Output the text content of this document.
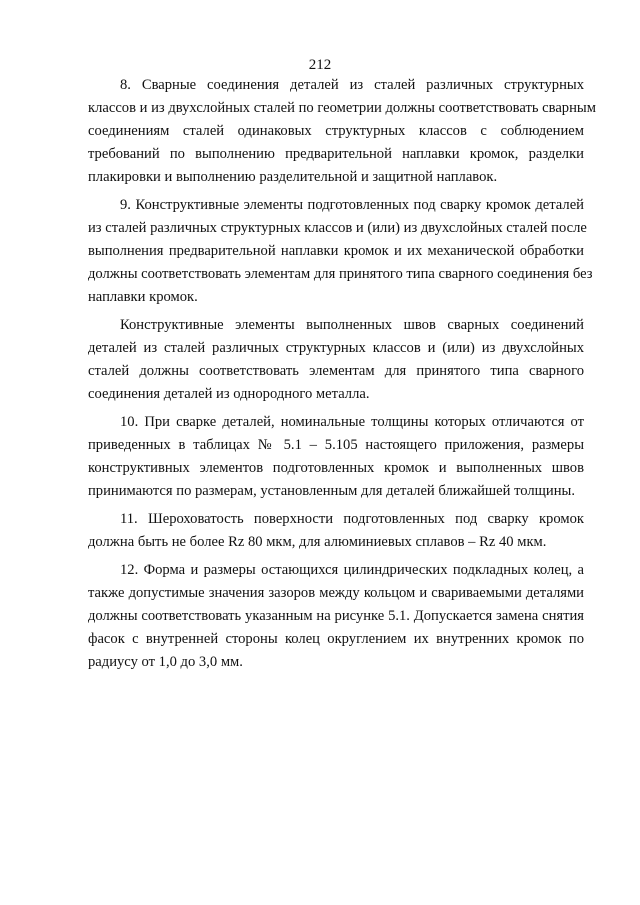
212
8. Сварные соединения деталей из сталей различных структурных
классов и из двухслойных сталей по геометрии должны соответствовать сварным
соединениям сталей одинаковых структурных классов с соблюдением
требований по выполнению предварительной наплавки кромок, разделки
плакировки и выполнению разделительной и защитной наплавок.
9. Конструктивные элементы подготовленных под сварку кромок деталей
из сталей различных структурных классов и (или) из двухслойных сталей после
выполнения предварительной наплавки кромок и их механической обработки
должны соответствовать элементам для принятого типа сварного соединения без
наплавки кромок.
Конструктивные элементы выполненных швов сварных соединений
деталей из сталей различных структурных классов и (или) из двухслойных
сталей должны соответствовать элементам для принятого типа сварного
соединения деталей из однородного металла.
10. При сварке деталей, номинальные толщины которых отличаются от
приведенных в таблицах № 5.1 – 5.105 настоящего приложения, размеры
конструктивных элементов подготовленных кромок и выполненных швов
принимаются по размерам, установленным для деталей ближайшей толщины.
11. Шероховатость поверхности подготовленных под сварку кромок
должна быть не более Rz 80 мкм, для алюминиевых сплавов – Rz 40 мкм.
12. Форма и размеры остающихся цилиндрических подкладных колец, а
также допустимые значения зазоров между кольцом и свариваемыми деталями
должны соответствовать указанным на рисунке 5.1. Допускается замена снятия
фасок с внутренней стороны колец округлением их внутренних кромок по
радиусу от 1,0 до 3,0 мм.
